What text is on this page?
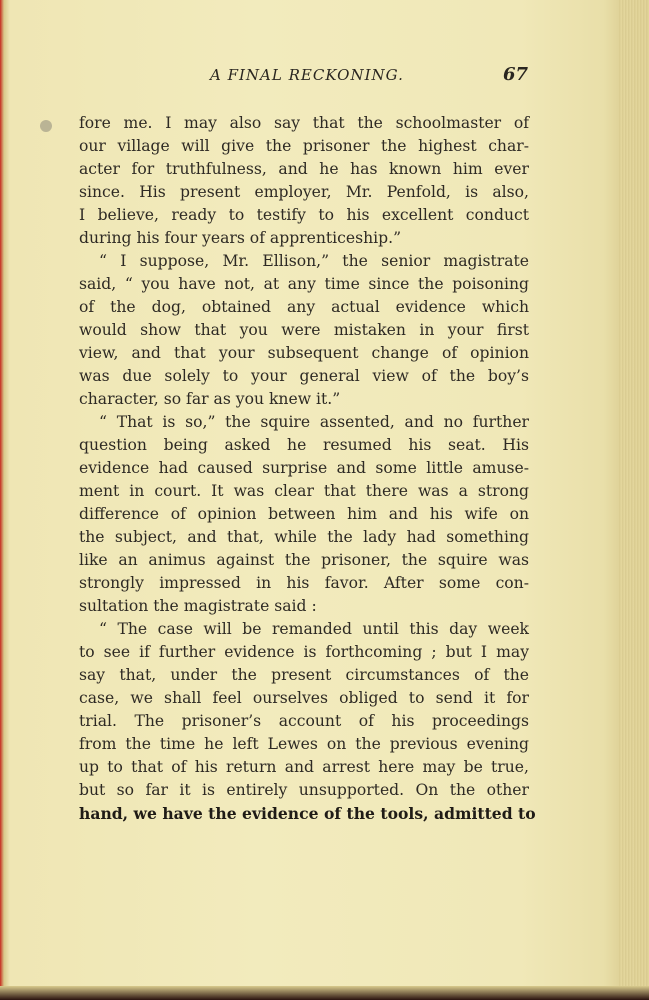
A FINAL RECKONING.	67
fore me. I may also say that the schoolmaster of
our village will give the prisoner the highest char-
acter for truthfulness, and he has known him ever
since. His present employer, Mr. Penfold, is also,
I believe, ready to testify to his excellent conduct
during his four years of apprenticeship.”
“ I suppose, Mr. Ellison,” the senior magistrate
said, “ you have not, at any time since the poisoning
of the dog, obtained any actual evidence which
would show that you were mistaken in your first
view, and that your subsequent change of opinion
was due solely to your general view of the boy’s
character, so far as you knew it.”
“ That is so,” the squire assented, and no further
question being asked he resumed his seat. His
evidence had caused surprise and some little amuse-
ment in court. It was clear that there was a strong
difference of opinion between him and his wife on
the subject, and that, while the lady had something
like an animus against the prisoner, the squire was
strongly impressed in his favor. After some con-
sultation the magistrate said :
“ The case will be remanded until this day week
to see if further evidence is forthcoming ; but I may
say that, under the present circumstances of the
case, we shall feel ourselves obliged to send it for
trial. The prisoner’s account of his proceedings
from the time he left Lewes on the previous evening
up to that of his return and arrest here may be true,
but so far it is entirely unsupported. On the other
hand, we have the evidence of the tools, admitted to
